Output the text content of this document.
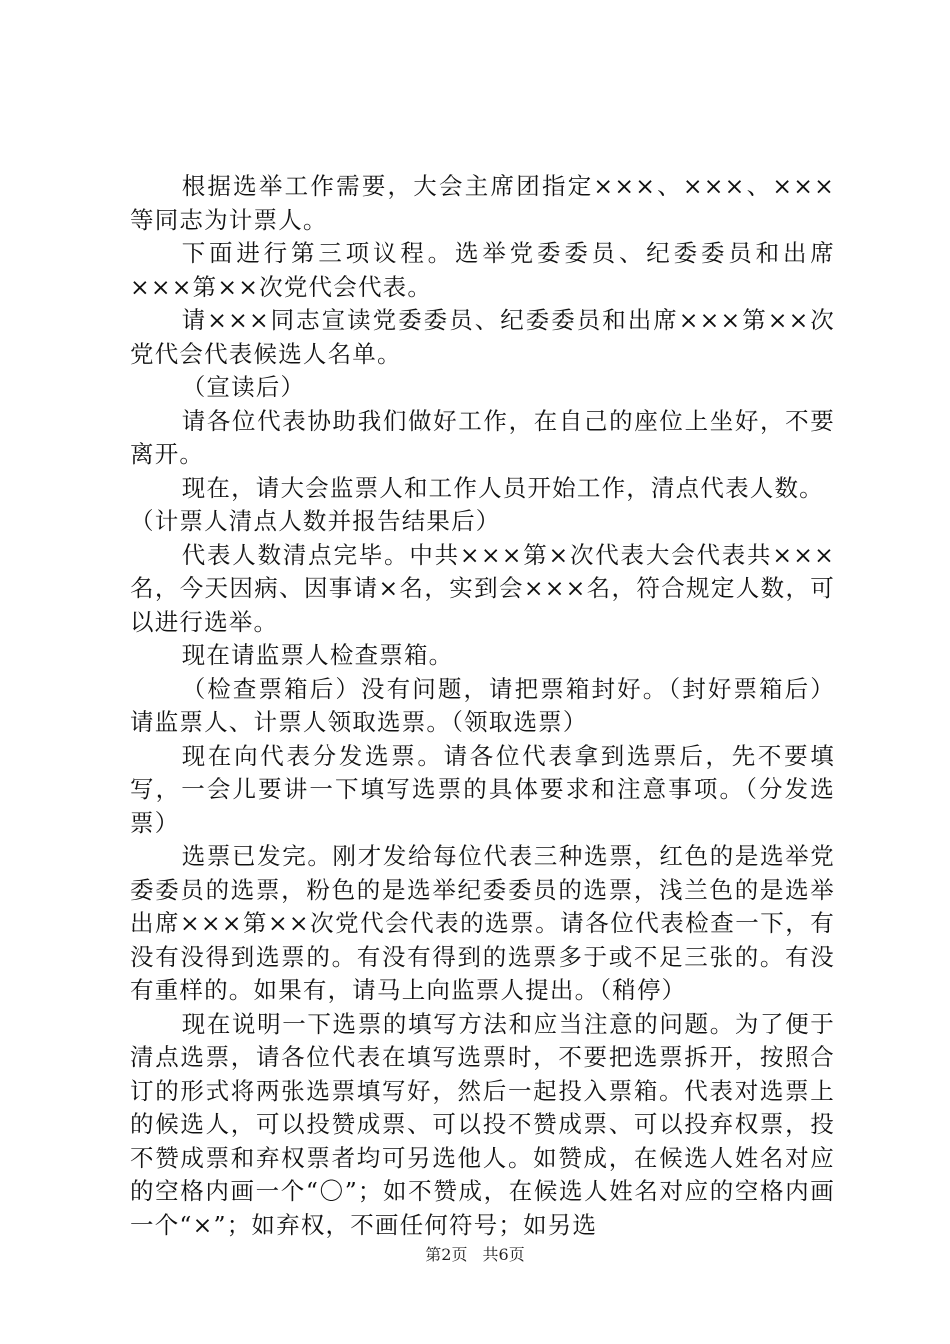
根据选举工作需要，大会主席团指定×××、×××、×××等同志为计票人。

下面进行第三项议程。选举党委委员、纪委委员和出席×××第××次党代会代表。

请×××同志宣读党委委员、纪委委员和出席×××第××次党代会代表候选人名单。

（宣读后）

请各位代表协助我们做好工作，在自己的座位上坐好，不要离开。

现在，请大会监票人和工作人员开始工作，清点代表人数。

（计票人清点人数并报告结果后）

代表人数清点完毕。中共×××第×次代表大会代表共×××名，今天因病、因事请×名，实到会×××名，符合规定人数，可以进行选举。

现在请监票人检查票箱。

（检查票箱后）没有问题，请把票箱封好。（封好票箱后）请监票人、计票人领取选票。（领取选票）

现在向代表分发选票。请各位代表拿到选票后，先不要填写，一会儿要讲一下填写选票的具体要求和注意事项。（分发选票）

选票已发完。刚才发给每位代表三种选票，红色的是选举党委委员的选票，粉色的是选举纪委委员的选票，浅兰色的是选举出席×××第××次党代会代表的选票。请各位代表检查一下，有没有没得到选票的。有没有得到的选票多于或不足三张的。有没有重样的。如果有，请马上向监票人提出。（稍停）

现在说明一下选票的填写方法和应当注意的问题。为了便于清点选票，请各位代表在填写选票时，不要把选票拆开，按照合订的形式将两张选票填写好，然后一起投入票箱。代表对选票上的候选人，可以投赞成票、可以投不赞成票、可以投弃权票，投不赞成票和弃权票者均可另选他人。如赞成，在候选人姓名对应的空格内画一个“〇”；如不赞成，在候选人姓名对应的空格内画一个“×”；如弃权，不画任何符号；如另选

第2页 共6页
